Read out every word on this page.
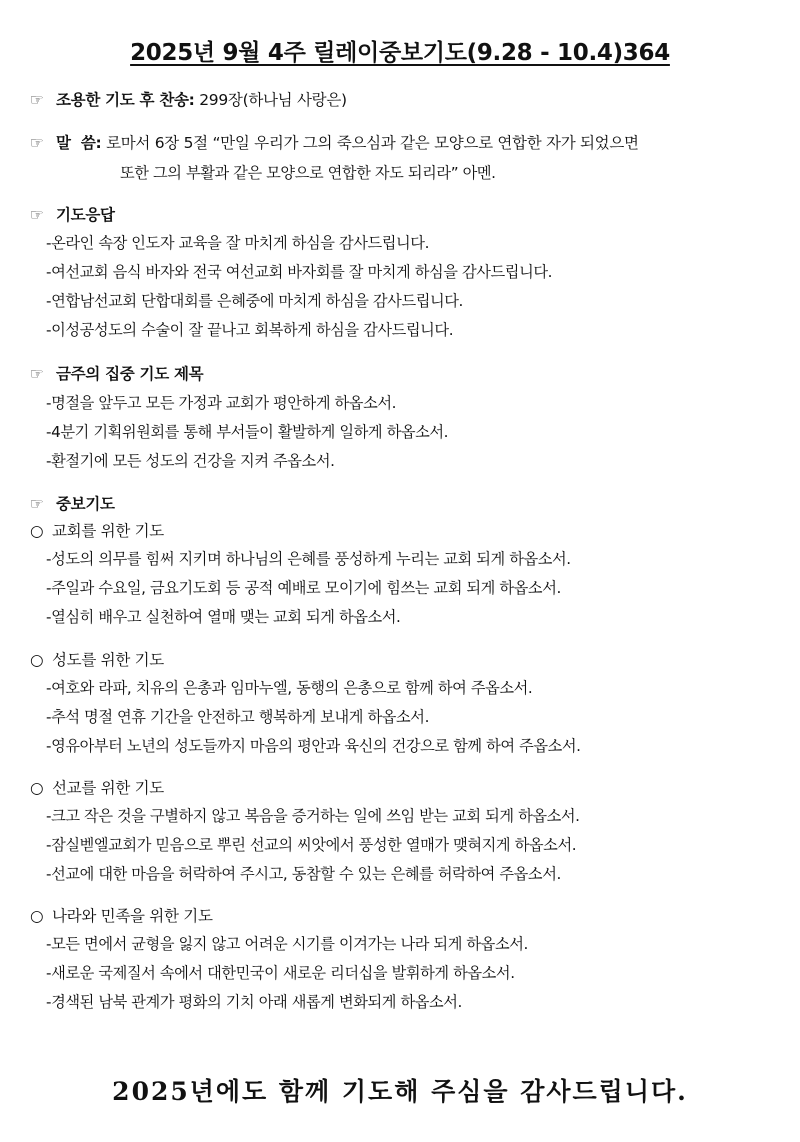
2025년 9월 4주 릴레이중보기도(9.28 - 10.4)364
☞ 조용한 기도 후 찬송: 299장(하나님 사랑은)
☞ 말  씀: 로마서 6장 5절 “만일 우리가 그의 죽으심과 같은 모양으로 연합한 자가 되었으면
또한 그의 부활과 같은 모양으로 연합한 자도 되리라” 아멘.
☞ 기도응답
-온라인 속장 인도자 교육을 잘 마치게 하심을 감사드립니다.
-여선교회 음식 바자와 전국 여선교회 바자회를 잘 마치게 하심을 감사드립니다.
-연합남선교회 단합대회를 은혜중에 마치게 하심을 감사드립니다.
-이성공성도의 수술이 잘 끝나고 회복하게 하심을 감사드립니다.
☞ 금주의 집중 기도 제목
-명절을 앞두고 모든 가정과 교회가 평안하게 하옵소서.
-4분기 기획위원회를 통해 부서들이 활발하게 일하게 하옵소서.
-환절기에 모든 성도의 건강을 지켜 주옵소서.
☞ 중보기도
○ 교회를 위한 기도
-성도의 의무를 힘써 지키며 하나님의 은혜를 풍성하게 누리는 교회 되게 하옵소서.
-주일과 수요일, 금요기도회 등 공적 예배로 모이기에 힘쓰는 교회 되게 하옵소서.
-열심히 배우고 실천하여 열매 맺는 교회 되게 하옵소서.
○ 성도를 위한 기도
-여호와 라파, 치유의 은총과 임마누엘, 동행의 은총으로 함께 하여 주옵소서.
-추석 명절 연휴 기간을 안전하고 행복하게 보내게 하옵소서.
-영유아부터 노년의 성도들까지 마음의 평안과 육신의 건강으로 함께 하여 주옵소서.
○ 선교를 위한 기도
-크고 작은 것을 구별하지 않고 복음을 증거하는 일에 쓰임 받는 교회 되게 하옵소서.
-잠실벧엘교회가 믿음으로 뿌린 선교의 씨앗에서 풍성한 열매가 맺혀지게 하옵소서.
-선교에 대한 마음을 허락하여 주시고, 동참할 수 있는 은혜를 허락하여 주옵소서.
○ 나라와 민족을 위한 기도
-모든 면에서 균형을 잃지 않고 어려운 시기를 이겨가는 나라 되게 하옵소서.
-새로운 국제질서 속에서 대한민국이 새로운 리더십을 발휘하게 하옵소서.
-경색된 남북 관계가 평화의 기치 아래 새롭게 변화되게 하옵소서.
2025년에도 함께 기도해 주심을 감사드립니다.
